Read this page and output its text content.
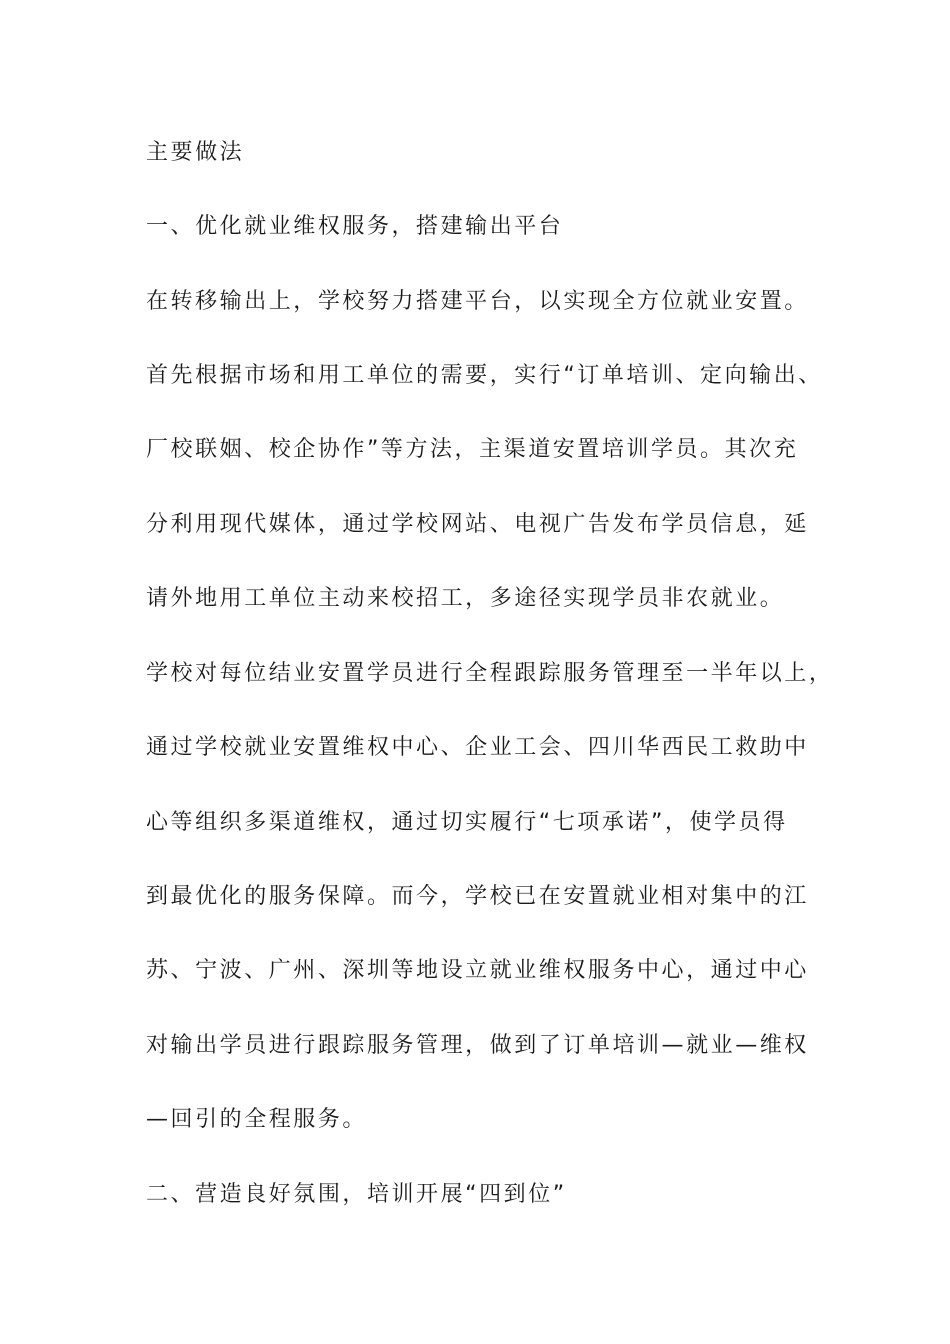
主要做法

一、优化就业维权服务，搭建输出平台

在转移输出上，学校努力搭建平台，以实现全方位就业安置。

首先根据市场和用工单位的需要，实行“订单培训、定向输出、

厂校联姻、校企协作”等方法，主渠道安置培训学员。其次充

分利用现代媒体，通过学校网站、电视广告发布学员信息，延

请外地用工单位主动来校招工，多途径实现学员非农就业。

学校对每位结业安置学员进行全程跟踪服务管理至一半年以上，

通过学校就业安置维权中心、企业工会、四川华西民工救助中

心等组织多渠道维权，通过切实履行“七项承诺”，使学员得

到最优化的服务保障。而今，学校已在安置就业相对集中的江

苏、宁波、广州、深圳等地设立就业维权服务中心，通过中心

对输出学员进行跟踪服务管理，做到了订单培训—就业—维权

—回引的全程服务。

二、营造良好氛围，培训开展“四到位”
